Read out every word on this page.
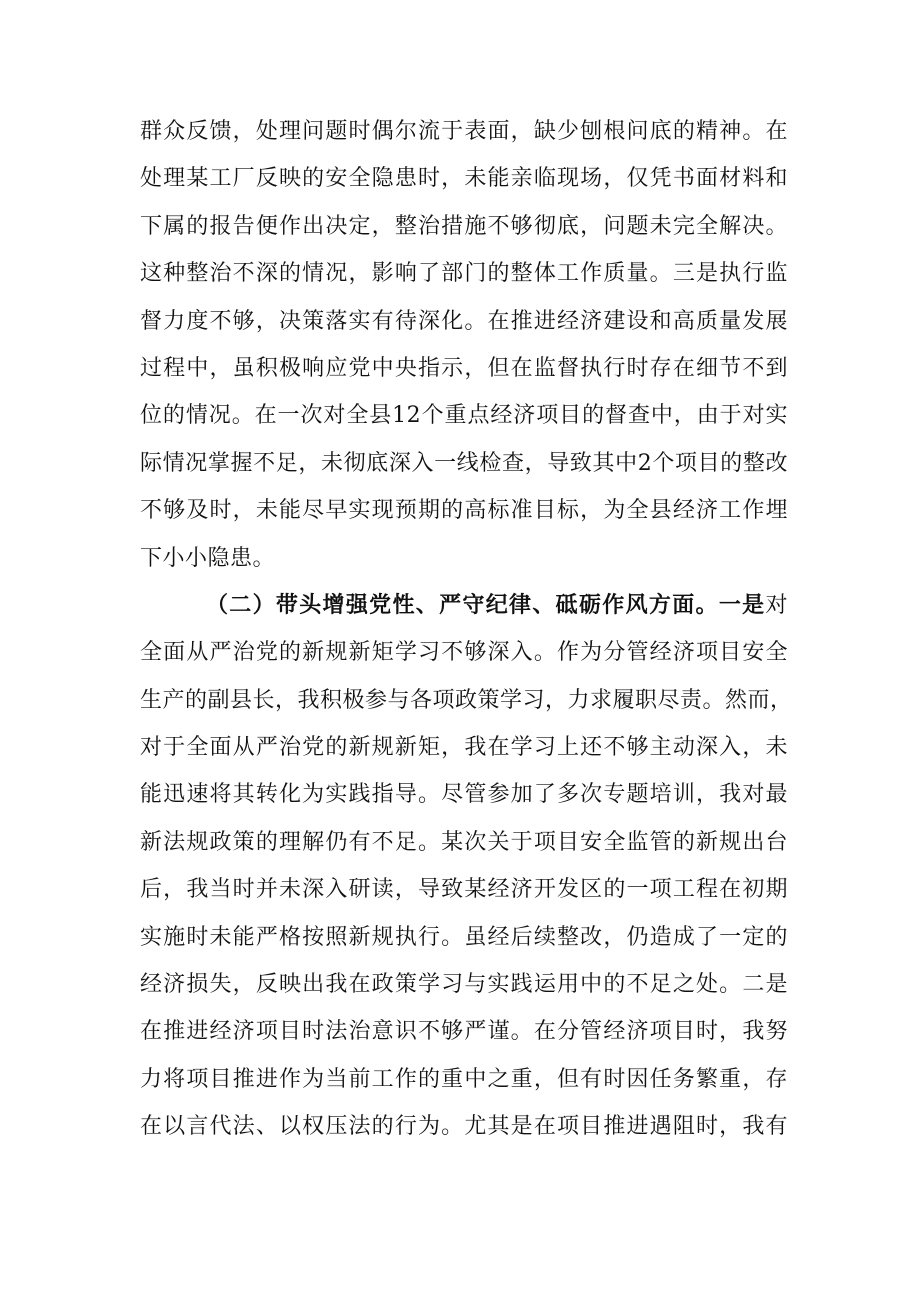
群众反馈，处理问题时偶尔流于表面，缺少刨根问底的精神。在
处理某工厂反映的安全隐患时，未能亲临现场，仅凭书面材料和
下属的报告便作出决定，整治措施不够彻底，问题未完全解决。
这种整治不深的情况，影响了部门的整体工作质量。三是执行监
督力度不够，决策落实有待深化。在推进经济建设和高质量发展
过程中，虽积极响应党中央指示，但在监督执行时存在细节不到
位的情况。在一次对全县12个重点经济项目的督查中，由于对实
际情况掌握不足，未彻底深入一线检查，导致其中2个项目的整改
不够及时，未能尽早实现预期的高标准目标，为全县经济工作埋
下小小隐患。
（二）带头增强党性、严守纪律、砥砺作风方面。一是对
全面从严治党的新规新矩学习不够深入。作为分管经济项目安全
生产的副县长，我积极参与各项政策学习，力求履职尽责。然而，
对于全面从严治党的新规新矩，我在学习上还不够主动深入，未
能迅速将其转化为实践指导。尽管参加了多次专题培训，我对最
新法规政策的理解仍有不足。某次关于项目安全监管的新规出台
后，我当时并未深入研读，导致某经济开发区的一项工程在初期
实施时未能严格按照新规执行。虽经后续整改，仍造成了一定的
经济损失，反映出我在政策学习与实践运用中的不足之处。二是
在推进经济项目时法治意识不够严谨。在分管经济项目时，我努
力将项目推进作为当前工作的重中之重，但有时因任务繁重，存
在以言代法、以权压法的行为。尤其是在项目推进遇阻时，我有
